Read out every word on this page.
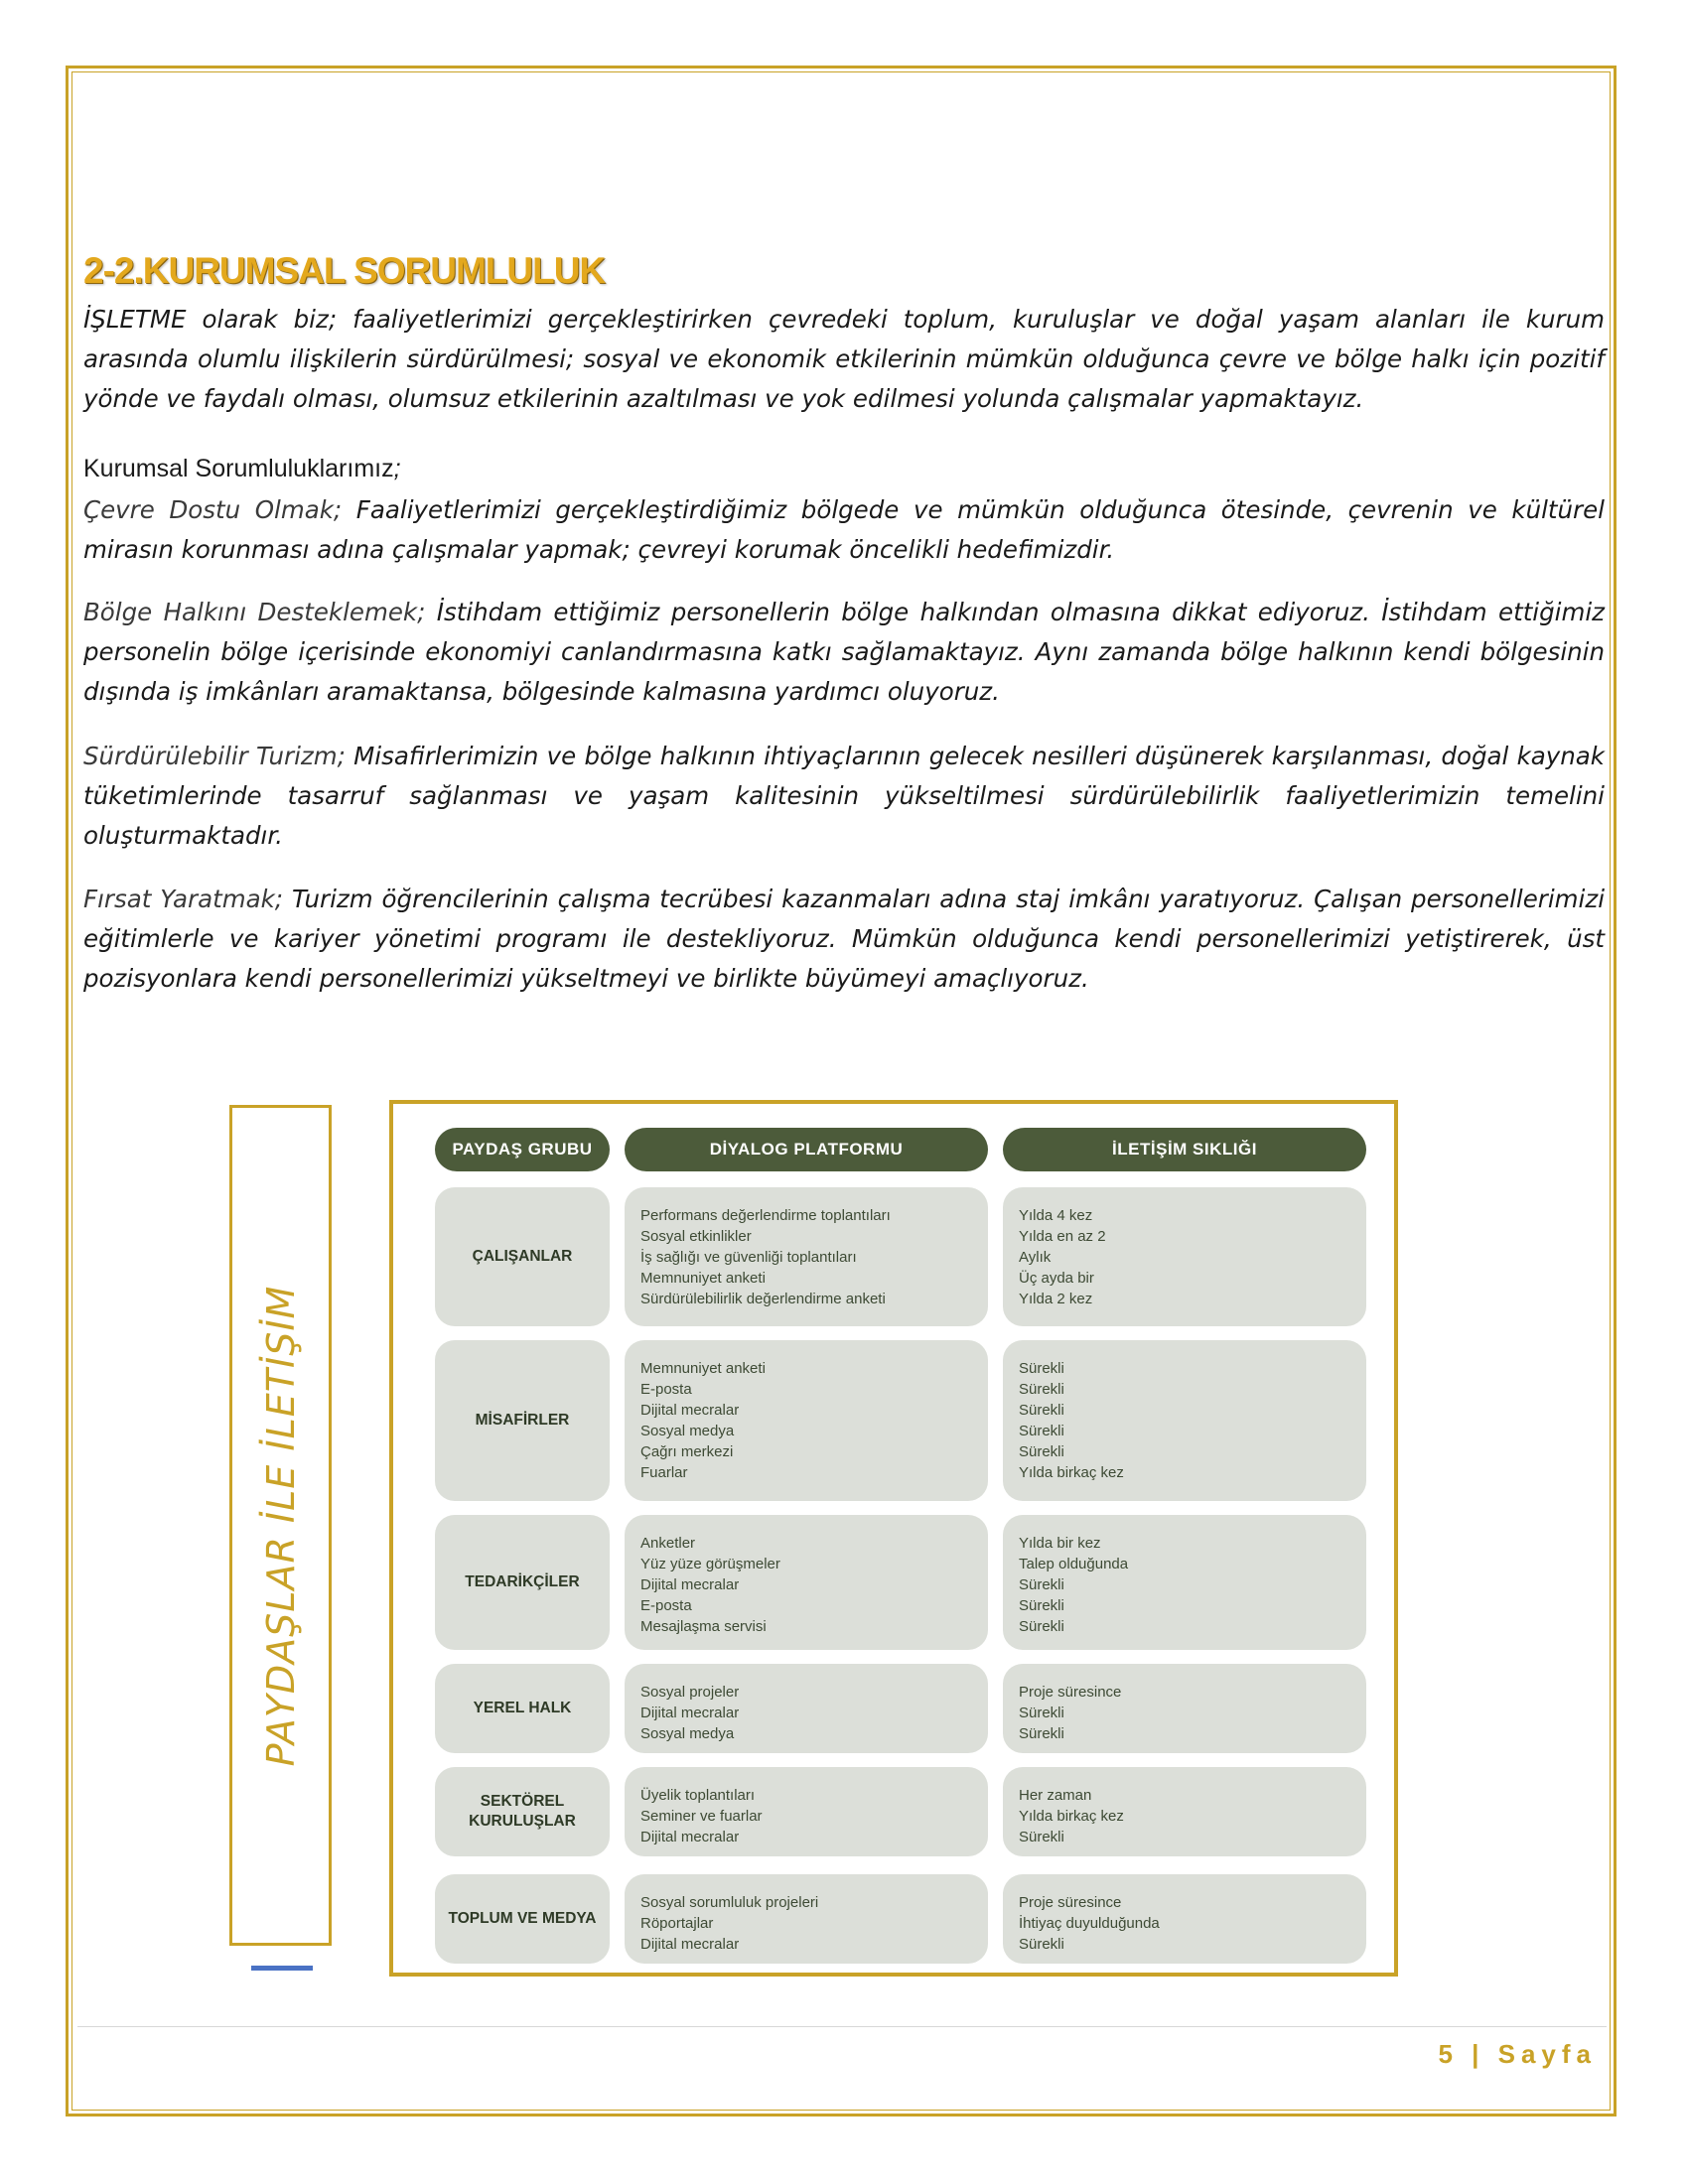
2-2.KURUMSAL SORUMLULUK

İŞLETME olarak biz; faaliyetlerimizi gerçekleştirirken çevredeki toplum, kuruluşlar ve doğal yaşam alanları ile kurum arasında olumlu ilişkilerin sürdürülmesi; sosyal ve ekonomik etkilerinin mümkün olduğunca çevre ve bölge halkı için pozitif yönde ve faydalı olması, olumsuz etkilerinin azaltılması ve yok edilmesi yolunda çalışmalar yapmaktayız.

Kurumsal Sorumluluklarımız;

Çevre Dostu Olmak; Faaliyetlerimizi gerçekleştirdiğimiz bölgede ve mümkün olduğunca ötesinde, çevrenin ve kültürel mirasın korunması adına çalışmalar yapmak; çevreyi korumak öncelikli hedefimizdir.

Bölge Halkını Desteklemek; İstihdam ettiğimiz personellerin bölge halkından olmasına dikkat ediyoruz. İstihdam ettiğimiz personelin bölge içerisinde ekonomiyi canlandırmasına katkı sağlamaktayız. Aynı zamanda bölge halkının kendi bölgesinin dışında iş imkânları aramaktansa, bölgesinde kalmasına yardımcı oluyoruz.

Sürdürülebilir Turizm; Misafirlerimizin ve bölge halkının ihtiyaçlarının gelecek nesilleri düşünerek karşılanması, doğal kaynak tüketimlerinde tasarruf sağlanması ve yaşam kalitesinin yükseltilmesi sürdürülebilirlik faaliyetlerimizin temelini oluşturmaktadır.

Fırsat Yaratmak; Turizm öğrencilerinin çalışma tecrübesi kazanmaları adına staj imkânı yaratıyoruz. Çalışan personellerimizi eğitimlerle ve kariyer yönetimi programı ile destekliyoruz. Mümkün olduğunca kendi personellerimizi yetiştirerek, üst pozisyonlara kendi personellerimizi yükseltmeyi ve birlikte büyümeyi amaçlıyoruz.

PAYDAŞLAR İLE İLETİŞİM
PAYDAŞ GRUBU	DİYALOG PLATFORMU	İLETİŞİM SIKLIĞI
ÇALIŞANLAR
Performans değerlendirme toplantıları
Sosyal etkinlikler
İş sağlığı ve güvenliği toplantıları
Memnuniyet anketi
Sürdürülebilirlik değerlendirme anketi
Yılda 4 kez
Yılda en az 2
Aylık
Üç ayda bir
Yılda 2 kez
MİSAFİRLER
Memnuniyet anketi
E-posta
Dijital mecralar
Sosyal medya
Çağrı merkezi
Fuarlar
Sürekli
Sürekli
Sürekli
Sürekli
Sürekli
Yılda birkaç kez
TEDARİKÇİLER
Anketler
Yüz yüze görüşmeler
Dijital mecralar
E-posta
Mesajlaşma servisi
Yılda bir kez
Talep olduğunda
Sürekli
Sürekli
Sürekli
YEREL HALK
Sosyal projeler
Dijital mecralar
Sosyal medya
Proje süresince
Sürekli
Sürekli
SEKTÖREL KURULUŞLAR
Üyelik toplantıları
Seminer ve fuarlar
Dijital mecralar
Her zaman
Yılda birkaç kez
Sürekli
TOPLUM VE MEDYA
Sosyal sorumluluk projeleri
Röportajlar
Dijital mecralar
Proje süresince
İhtiyaç duyulduğunda
Sürekli
5 | Sayfa
